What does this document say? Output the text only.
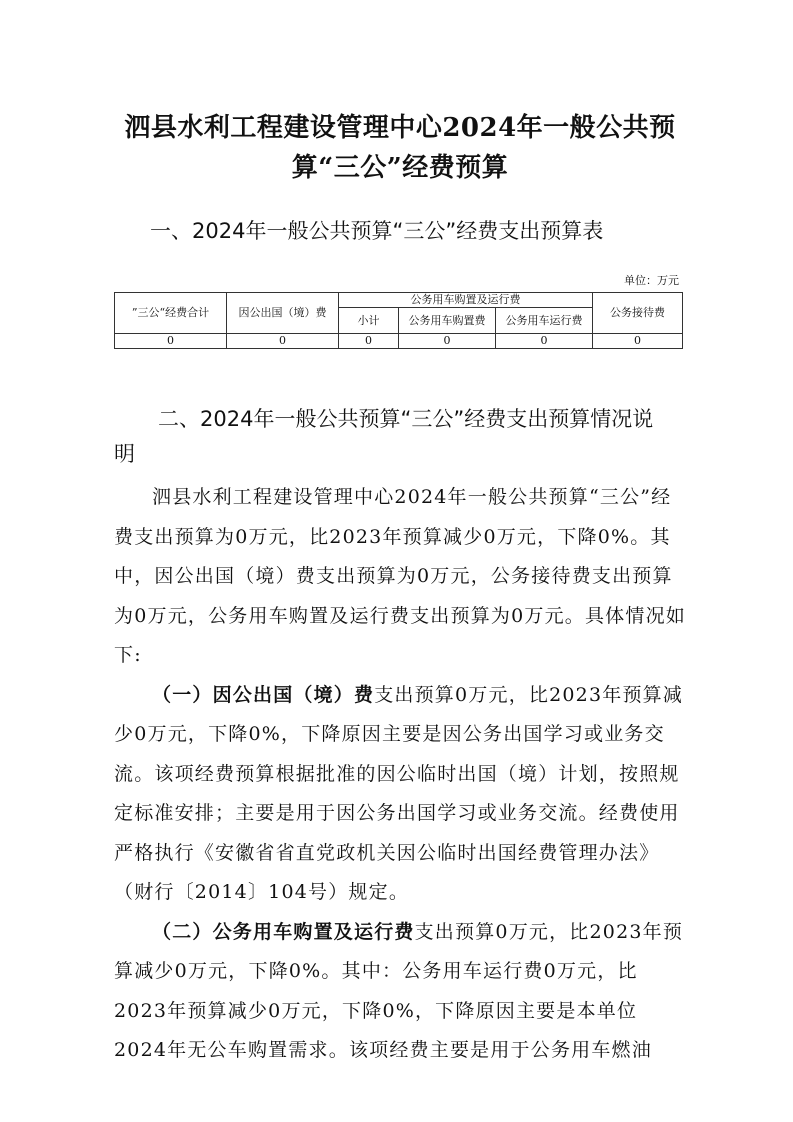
泗县水利工程建设管理中心2024年一般公共预算“三公”经费预算
一、2024年一般公共预算“三公”经费支出预算表
单位：万元
”三公“经费合计	因公出国（境）费	公务用车购置及运行费			公务接待费
		小计	公务用车购置费	公务用车运行费	
0	0	0	0	0	0
二、2024年一般公共预算“三公”经费支出预算情况说
明

泗县水利工程建设管理中心2024年一般公共预算“三公”经费支出预算为0万元，比2023年预算减少0万元，下降0%。其中，因公出国（境）费支出预算为0万元，公务接待费支出预算为0万元，公务用车购置及运行费支出预算为0万元。具体情况如下:

（一）因公出国（境）费支出预算0万元，比2023年预算减少0万元，下降0%，下降原因主要是因公务出国学习或业务交流。该项经费预算根据批准的因公临时出国（境）计划，按照规定标准安排；主要是用于因公务出国学习或业务交流。经费使用严格执行《安徽省省直党政机关因公临时出国经费管理办法》（财行〔2014〕104号）规定。

（二）公务用车购置及运行费支出预算0万元，比2023年预算减少0万元，下降0%。其中：公务用车运行费0万元，比2023年预算减少0万元，下降0%，下降原因主要是本单位2024年无公车购置需求。该项经费主要是用于公务用车燃油
